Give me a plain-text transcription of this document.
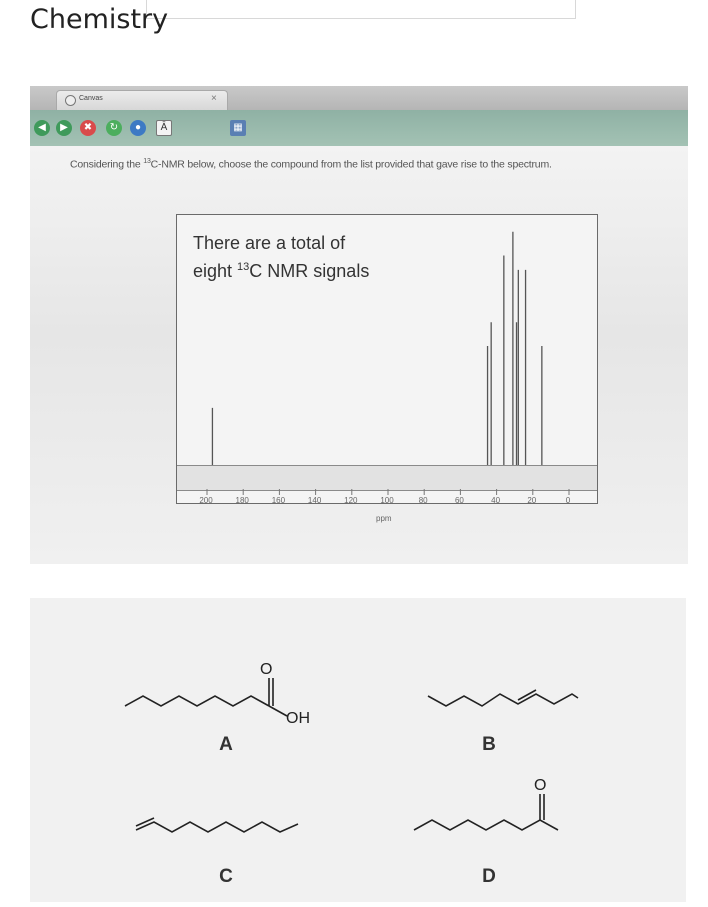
Chemistry
Canvas	×
◀	▶	✖	↻	●	Ā	▦
Considering the $^{13}$C-NMR below, choose the compound from the list provided that gave rise to the spectrum.
There are a total of
eight $^{13}$C NMR signals
200	180	160	140	120	100	80	60	40	20	0
ppm
O
OH
O
A	B
C	D
